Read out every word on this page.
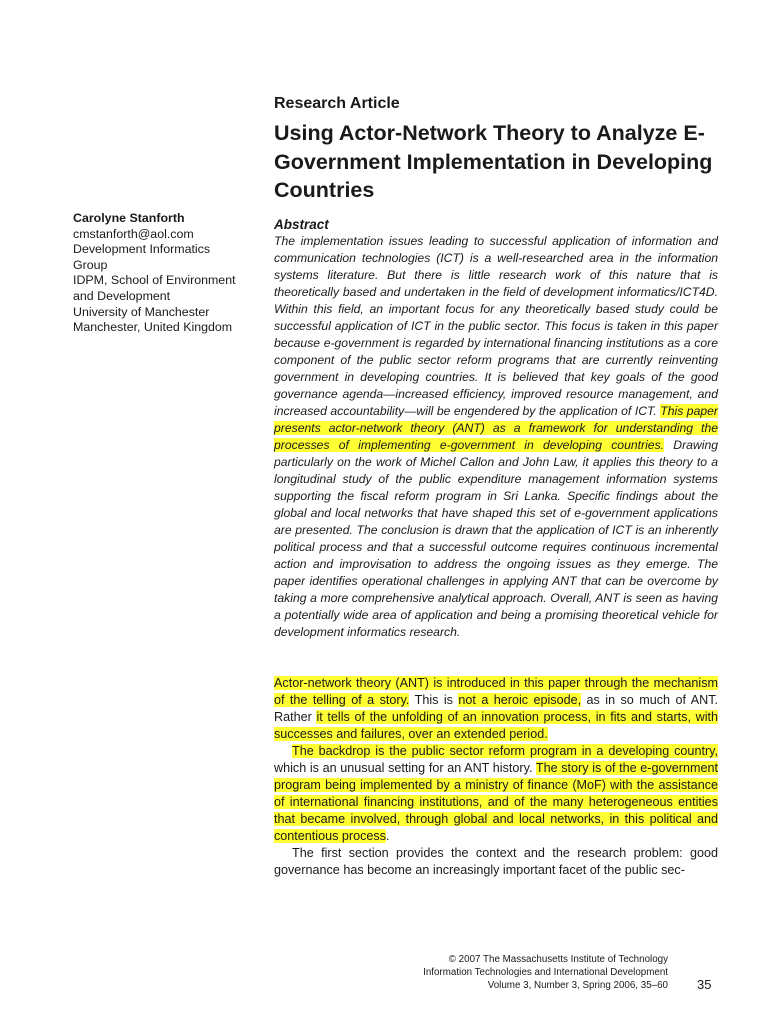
Carolyne Stanforth
cmstanforth@aol.com
Development Informatics
Group
IDPM, School of Environment
and Development
University of Manchester
Manchester, United Kingdom
Research Article
Using Actor-Network Theory to Analyze E-Government Implementation in Developing Countries
Abstract
The implementation issues leading to successful application of information and communication technologies (ICT) is a well-researched area in the information systems literature. But there is little research work of this nature that is theoretically based and undertaken in the field of development informatics/ICT4D. Within this field, an important focus for any theoretically based study could be successful application of ICT in the public sector. This focus is taken in this paper because e-government is regarded by international financing institutions as a core component of the public sector reform programs that are currently reinventing government in developing countries. It is believed that key goals of the good governance agenda—increased efficiency, improved resource management, and increased accountability—will be engendered by the application of ICT. This paper presents actor-network theory (ANT) as a framework for understanding the processes of implementing e-government in developing countries. Drawing particularly on the work of Michel Callon and John Law, it applies this theory to a longitudinal study of the public expenditure management information systems supporting the fiscal reform program in Sri Lanka. Specific findings about the global and local networks that have shaped this set of e-government applications are presented. The conclusion is drawn that the application of ICT is an inherently political process and that a successful outcome requires continuous incremental action and improvisation to address the ongoing issues as they emerge. The paper identifies operational challenges in applying ANT that can be overcome by taking a more comprehensive analytical approach. Overall, ANT is seen as having a potentially wide area of application and being a promising theoretical vehicle for development informatics research.

Actor-network theory (ANT) is introduced in this paper through the mechanism of the telling of a story. This is not a heroic episode, as in so much of ANT. Rather it tells of the unfolding of an innovation process, in fits and starts, with successes and failures, over an extended period.

The backdrop is the public sector reform program in a developing country, which is an unusual setting for an ANT history. The story is of the e-government program being implemented by a ministry of finance (MoF) with the assistance of international financing institutions, and of the many heterogeneous entities that became involved, through global and local networks, in this political and contentious process.

The first section provides the context and the research problem: good governance has become an increasingly important facet of the public sec-

© 2007 The Massachusetts Institute of Technology
Information Technologies and International Development
Volume 3, Number 3, Spring 2006, 35–60 35
